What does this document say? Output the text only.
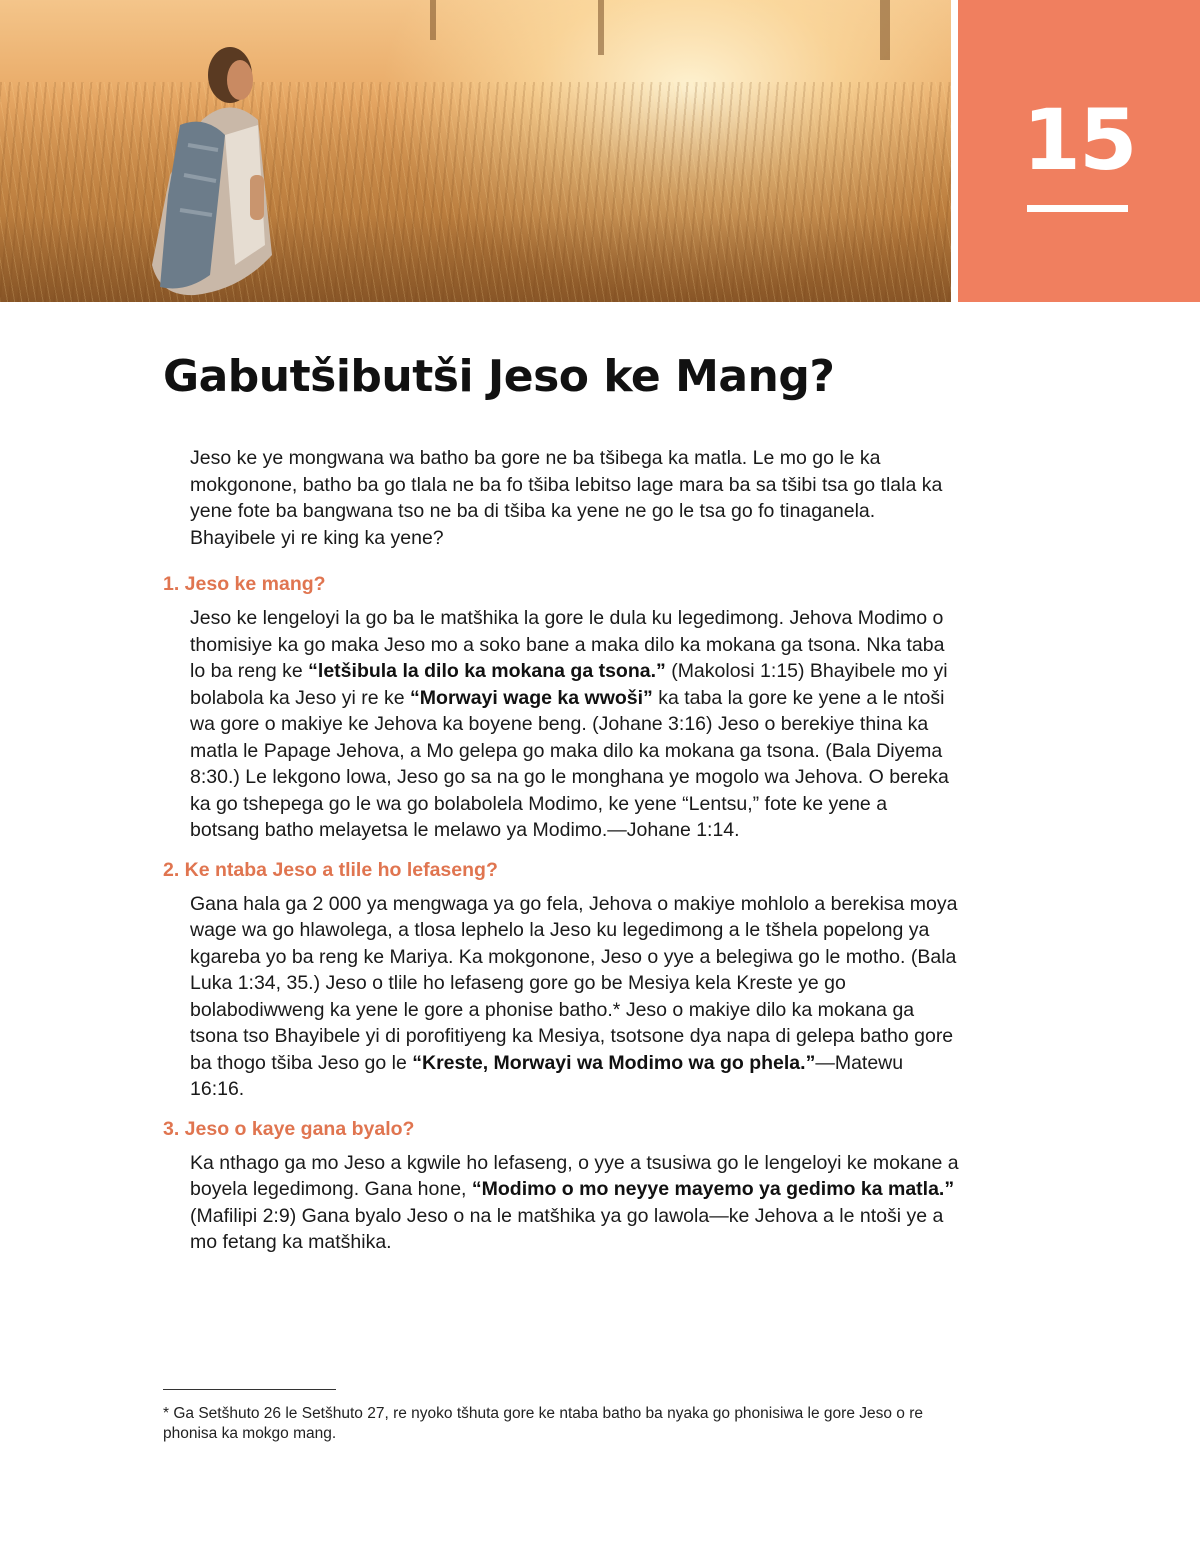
15
Gabutšibutši Jeso ke Mang?

Jeso ke ye mongwana wa batho ba gore ne ba tšibega ka matla. Le mo go le ka mokgonone, batho ba go tlala ne ba fo tšiba lebitso lage mara ba sa tšibi tsa go tlala ka yene fote ba bangwana tso ne ba di tšiba ka yene ne go le tsa go fo tinaganela. Bhayibele yi re king ka yene?

1. Jeso ke mang?

Jeso ke lengeloyi la go ba le matšhika la gore le dula ku legedimong. Jehova Modimo o thomisiye ka go maka Jeso mo a soko bane a maka dilo ka mokana ga tsona. Nka taba lo ba reng ke “letšibula la dilo ka mokana ga tsona.” (Makolosi 1:15) Bhayibele mo yi bolabola ka Jeso yi re ke “Morwayi wage ka wwoši” ka taba la gore ke yene a le ntoši wa gore o makiye ke Jehova ka boyene beng. (Johane 3:16) Jeso o berekiye thina ka matla le Papage Jehova, a Mo gelepa go maka dilo ka mokana ga tsona. (Bala Diyema 8:30.) Le lekgono lowa, Jeso go sa na go le monghana ye mogolo wa Jehova. O bereka ka go tshepega go le wa go bolabolela Modimo, ke yene “Lentsu,” fote ke yene a botsang batho melayetsa le melawo ya Modimo.—Johane 1:14.

2. Ke ntaba Jeso a tlile ho lefaseng?

Gana hala ga 2 000 ya mengwaga ya go fela, Jehova o makiye mohlolo a berekisa moya wage wa go hlawolega, a tlosa lephelo la Jeso ku legedimong a le tšhela popelong ya kgareba yo ba reng ke Mariya. Ka mokgonone, Jeso o yye a belegiwa go le motho. (Bala Luka 1:34, 35.) Jeso o tlile ho lefaseng gore go be Mesiya kela Kreste ye go bolabodiwweng ka yene le gore a phonise batho.* Jeso o makiye dilo ka mokana ga tsona tso Bhayibele yi di porofitiyeng ka Mesiya, tsotsone dya napa di gelepa batho gore ba thogo tšiba Jeso go le “Kreste, Morwayi wa Modimo wa go phela.”—Matewu 16:16.

3. Jeso o kaye gana byalo?

Ka nthago ga mo Jeso a kgwile ho lefaseng, o yye a tsusiwa go le lengeloyi ke mokane a boyela legedimong. Gana hone, “Modimo o mo neyye mayemo ya gedimo ka matla.” (Mafilipi 2:9) Gana byalo Jeso o na le matšhika ya go lawola—ke Jehova a le ntoši ye a mo fetang ka matšhika.

* Ga Setšhuto 26 le Setšhuto 27, re nyoko tšhuta gore ke ntaba batho ba nyaka go phonisiwa le gore Jeso o re phonisa ka mokgo mang.
